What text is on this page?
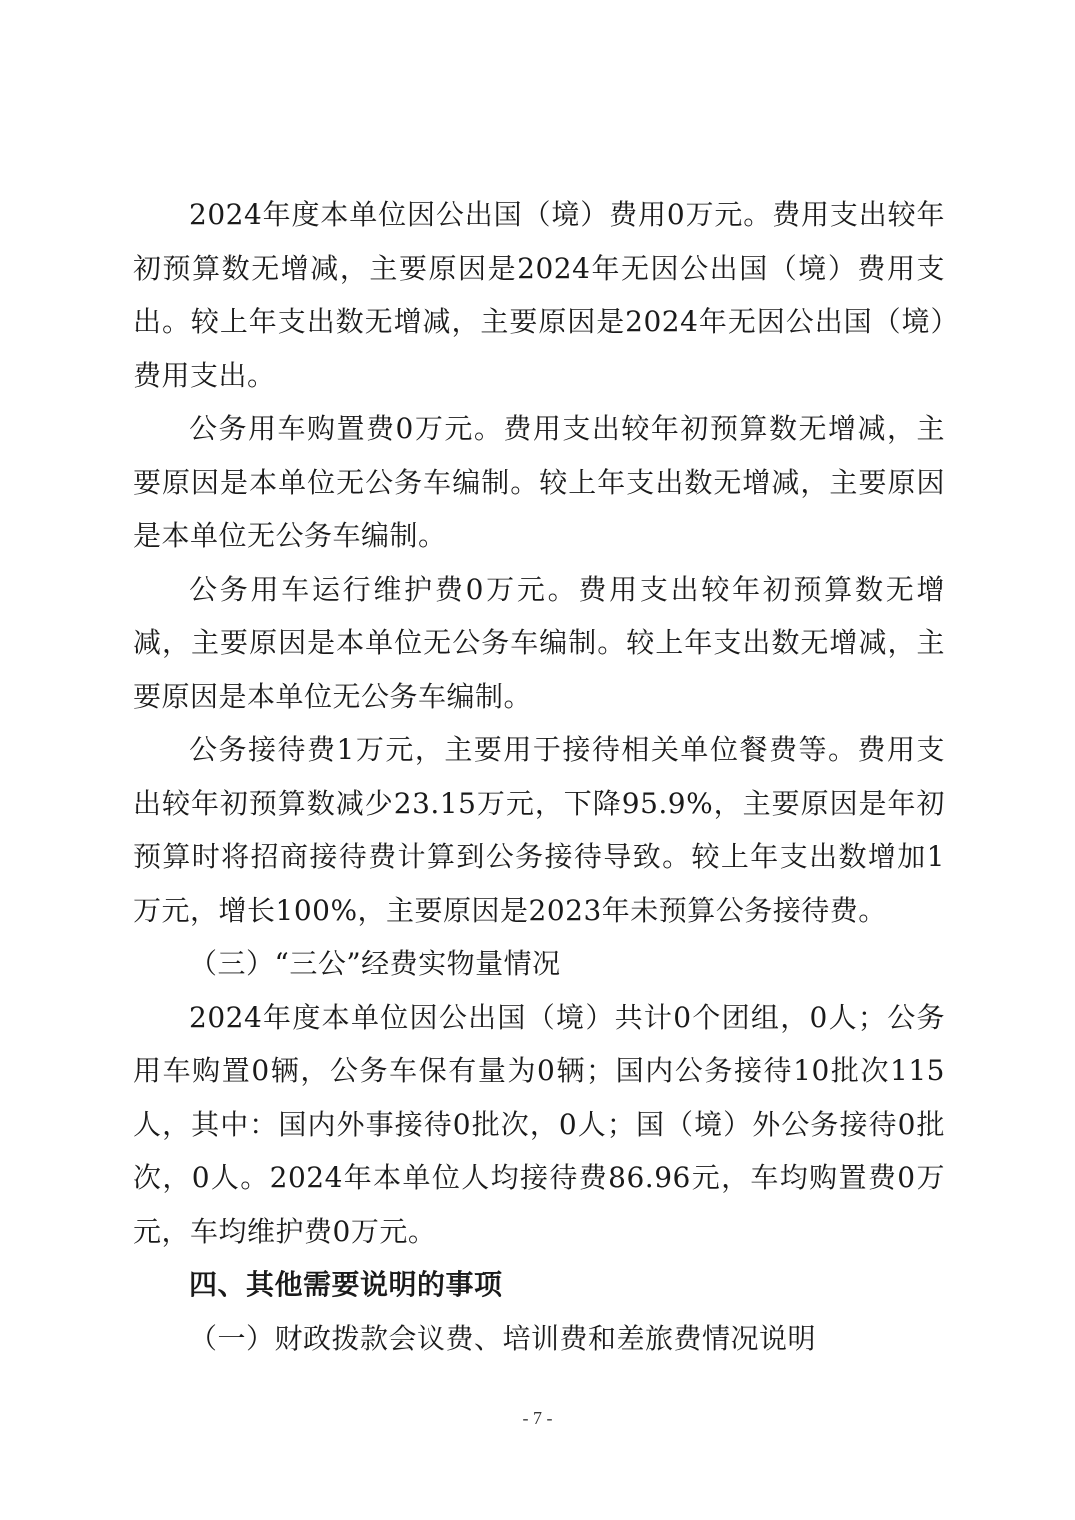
2024年度本单位因公出国（境）费用0万元。费用支出较年初预算数无增减，主要原因是2024年无因公出国（境）费用支出。较上年支出数无增减，主要原因是2024年无因公出国（境）费用支出。

公务用车购置费0万元。费用支出较年初预算数无增减，主要原因是本单位无公务车编制。较上年支出数无增减，主要原因是本单位无公务车编制。

公务用车运行维护费0万元。费用支出较年初预算数无增减，主要原因是本单位无公务车编制。较上年支出数无增减，主要原因是本单位无公务车编制。

公务接待费1万元，主要用于接待相关单位餐费等。费用支出较年初预算数减少23.15万元，下降95.9%，主要原因是年初预算时将招商接待费计算到公务接待导致。较上年支出数增加1万元，增长100%，主要原因是2023年未预算公务接待费。

（三）“三公”经费实物量情况

2024年度本单位因公出国（境）共计0个团组，0人；公务用车购置0辆，公务车保有量为0辆；国内公务接待10批次115人，其中：国内外事接待0批次，0人；国（境）外公务接待0批次，0人。2024年本单位人均接待费86.96元，车均购置费0万元，车均维护费0万元。

四、其他需要说明的事项

（一）财政拨款会议费、培训费和差旅费情况说明

- 7 -
